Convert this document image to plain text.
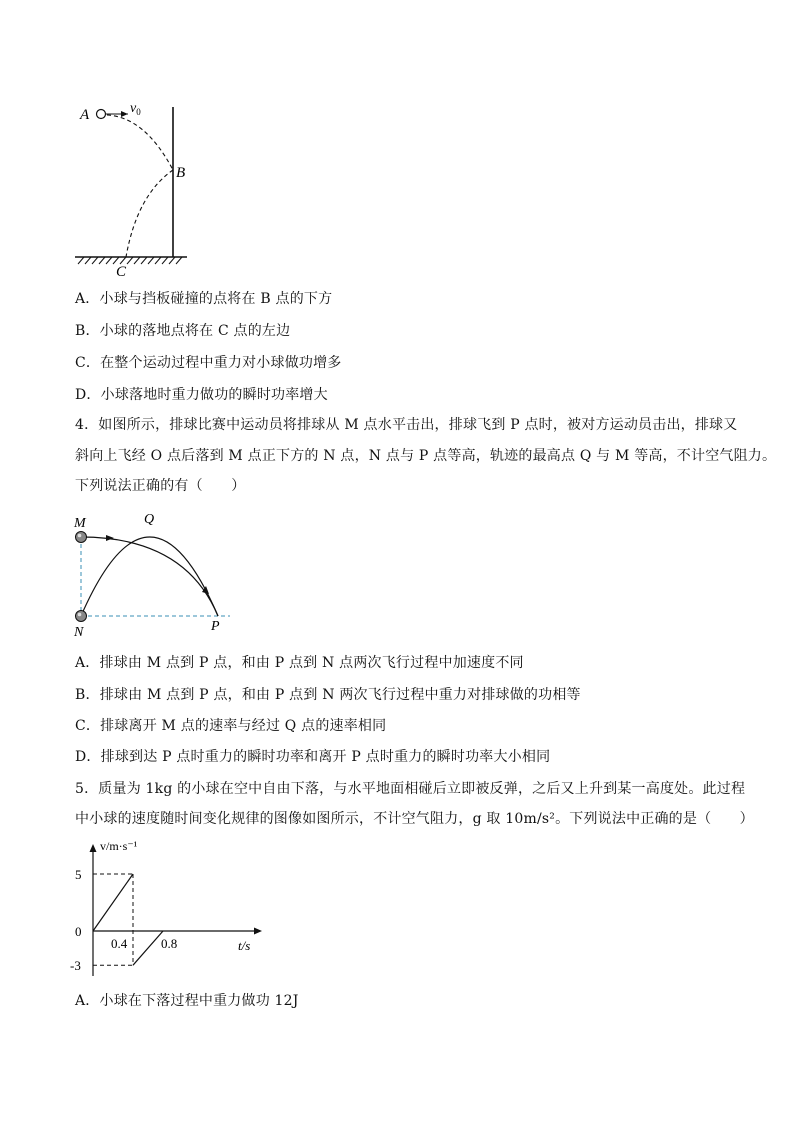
A	$v_0$
B
C
A．小球与挡板碰撞的点将在 B 点的下方
B．小球的落地点将在 C 点的左边
C．在整个运动过程中重力对小球做功增多
D．小球落地时重力做功的瞬时功率增大
4．如图所示，排球比赛中运动员将排球从 M 点水平击出，排球飞到 P 点时，被对方运动员击出，排球又
斜向上飞经 O 点后落到 M 点正下方的 N 点，N 点与 P 点等高，轨迹的最高点 Q 与 M 等高，不计空气阻力。
下列说法正确的有（　　）
M	Q
N	P
A．排球由 M 点到 P 点，和由 P 点到 N 点两次飞行过程中加速度不同
B．排球由 M 点到 P 点，和由 P 点到 N 两次飞行过程中重力对排球做的功相等
C．排球离开 M 点的速率与经过 Q 点的速率相同
D．排球到达 P 点时重力的瞬时功率和离开 P 点时重力的瞬时功率大小相同
5．质量为 1kg 的小球在空中自由下落，与水平地面相碰后立即被反弹，之后又上升到某一高度处。此过程
中小球的速度随时间变化规律的图像如图所示，不计空气阻力，g 取 10m/s²。下列说法中正确的是（　　）
5
0
-3
0.4	0.8
v/m·s⁻¹
t/s
A．小球在下落过程中重力做功 12J
